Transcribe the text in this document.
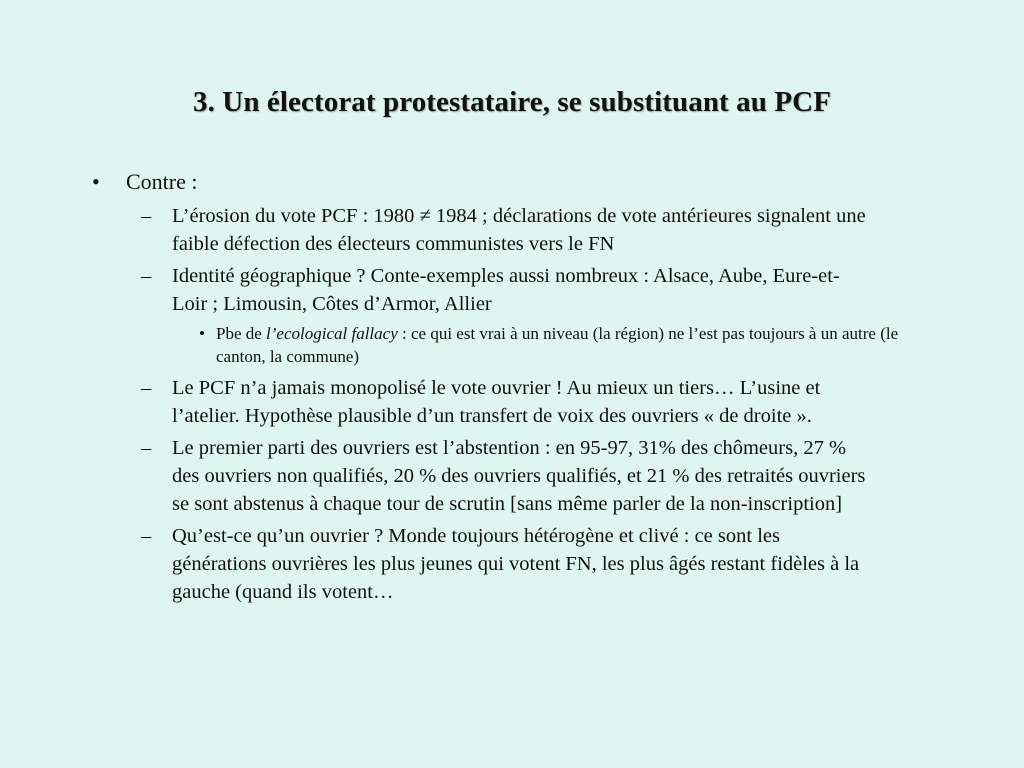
3. Un électorat protestataire, se substituant au PCF
• Contre :
– L’érosion du vote PCF : 1980 ≠ 1984 ; déclarations de vote antérieures signalent une faible défection des électeurs communistes vers le FN
– Identité géographique ? Conte-exemples aussi nombreux : Alsace, Aube, Eure-et-Loir ; Limousin, Côtes d’Armor, Allier
• Pbe de l’ecological fallacy : ce qui est vrai à un niveau (la région) ne l’est pas toujours à un autre (le canton, la commune)
– Le PCF n’a jamais monopolisé le vote ouvrier ! Au mieux un tiers… L’usine et l’atelier. Hypothèse plausible d’un transfert de voix des ouvriers « de droite ».
– Le premier parti des ouvriers est l’abstention : en 95-97, 31% des chômeurs, 27 % des ouvriers non qualifiés, 20 % des ouvriers qualifiés, et 21 % des retraités ouvriers se sont abstenus à chaque tour de scrutin [sans même parler de la non-inscription]
– Qu’est-ce qu’un ouvrier ? Monde toujours hétérogène et clivé : ce sont les générations ouvrières les plus jeunes qui votent FN, les plus âgés restant fidèles à la gauche (quand ils votent…
